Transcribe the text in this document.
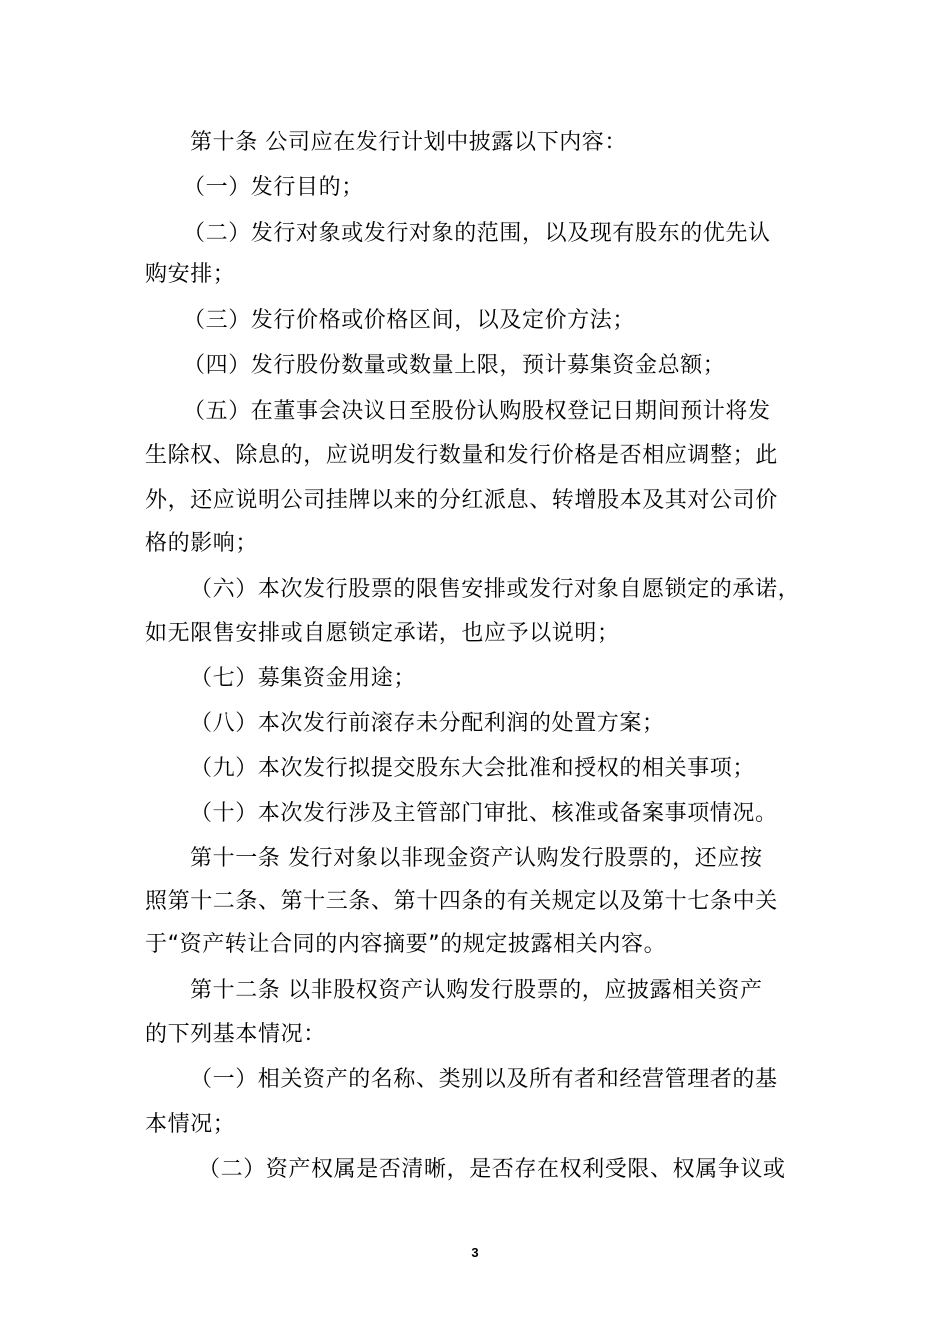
第十条 公司应在发行计划中披露以下内容：
（一）发行目的；
（二）发行对象或发行对象的范围，以及现有股东的优先认
购安排；
（三）发行价格或价格区间，以及定价方法；
（四）发行股份数量或数量上限，预计募集资金总额；
（五）在董事会决议日至股份认购股权登记日期间预计将发
生除权、除息的，应说明发行数量和发行价格是否相应调整；此
外，还应说明公司挂牌以来的分红派息、转增股本及其对公司价
格的影响；
（六）本次发行股票的限售安排或发行对象自愿锁定的承诺，
如无限售安排或自愿锁定承诺，也应予以说明；
（七）募集资金用途；
（八）本次发行前滚存未分配利润的处置方案；
（九）本次发行拟提交股东大会批准和授权的相关事项；
（十）本次发行涉及主管部门审批、核准或备案事项情况。
第十一条 发行对象以非现金资产认购发行股票的，还应按
照第十二条、第十三条、第十四条的有关规定以及第十七条中关
于“资产转让合同的内容摘要”的规定披露相关内容。
第十二条 以非股权资产认购发行股票的，应披露相关资产
的下列基本情况：
（一）相关资产的名称、类别以及所有者和经营管理者的基
本情况；
（二）资产权属是否清晰，是否存在权利受限、权属争议或
3
